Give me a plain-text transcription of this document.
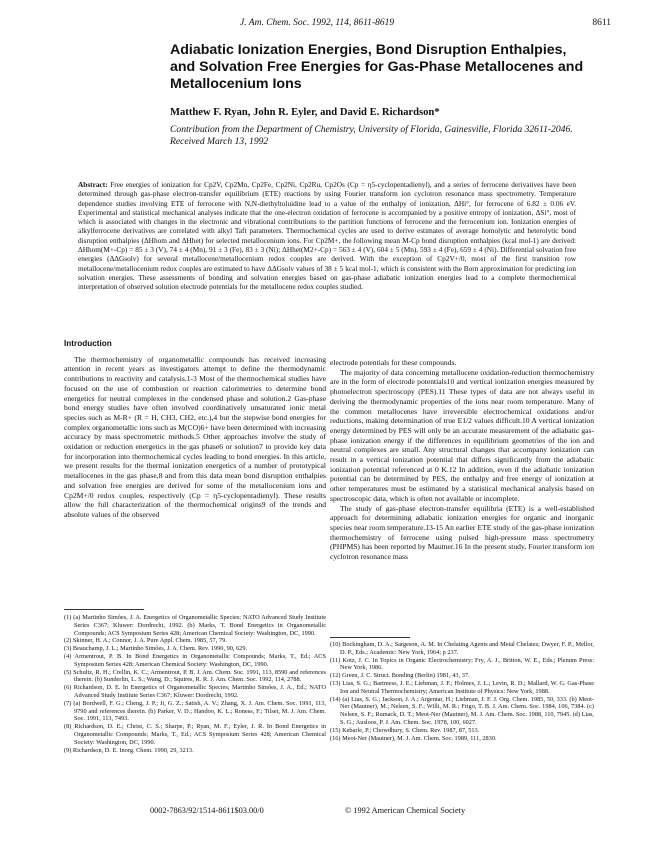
J. Am. Chem. Soc. 1992, 114, 8611-8619	8611
Adiabatic Ionization Energies, Bond Disruption Enthalpies, and Solvation Free Energies for Gas-Phase Metallocenes and Metallocenium Ions
Matthew F. Ryan, John R. Eyler, and David E. Richardson*
Contribution from the Department of Chemistry, University of Florida, Gainesville, Florida 32611-2046. Received March 13, 1992
Abstract: Free energies of ionization for Cp2V, Cp2Mn, Cp2Fe, Cp2Ni, Cp2Ru, Cp2Os (Cp = η5-cyclopentadienyl), and a series of ferrocene derivatives have been determined through gas-phase electron-transfer equilibrium (ETE) reactions by using Fourier transform ion cyclotron resonance mass spectrometry. Temperature dependence studies involving ETE of ferrocene with N,N-diethyltoluidine lead to a value of the enthalpy of ionization, ΔHi°, for ferrocene of 6.82 ± 0.06 eV. Experimental and statistical mechanical analyses indicate that the one-electron oxidation of ferrocene is accompanied by a positive entropy of ionization, ΔSi°, most of which is associated with changes in the electronic and vibrational contributions to the partition functions of ferrocene and the ferrocenium ion. Ionization energies of alkylferrocene derivatives are correlated with alkyl Taft parameters. Thermochemical cycles are used to derive estimates of average homolytic and heterolytic bond disruption enthalpies (ΔHhom and ΔHhet) for selected metallocenium ions. For Cp2M+, the following mean M-Cp bond disruption enthalpies (kcal mol-1) are derived: ΔHhom(M+-Cp) = 85 ± 3 (V), 74 ± 4 (Mn), 91 ± 3 (Fe), 83 ± 3 (Ni); ΔHhet(M2+-Cp) = 563 ± 4 (V), 604 ± 5 (Mn), 593 ± 4 (Fe), 659 ± 4 (Ni). Differential solvation free energies (ΔΔGsolv) for several metallocene/metallocenium redox couples are derived. With the exception of Cp2V+/0, most of the first transition row metallocene/metallocenium redox couples are estimated to have ΔΔGsolv values of 38 ± 5 kcal mol-1, which is consistent with the Born approximation for predicting ion solvation energies. These assessments of bonding and solvation energies based on gas-phase adiabatic ionization energies lead to a complete thermochemical interpretation of observed solution electrode potentials for the metallocene redox couples studied.
Introduction

The thermochemistry of organometallic compounds has received increasing attention in recent years as investigators attempt to define the thermodynamic contributions to reactivity and catalysis.1-3 Most of the thermochemical studies have focused on the use of combustion or reaction calorimetries to determine bond energetics for neutral complexes in the condensed phase and solution.2 Gas-phase bond energy studies have often involved coordinatively unsaturated ionic metal species such as M-R+ (R = H, CH3, CH2, etc.),4 but the stepwise bond energies for complex organometallic ions such as M(CO)6+ have been determined with increasing accuracy by mass spectrometric methods.5 Other approaches involve the study of oxidation or reduction energetics in the gas phase6 or solution7 to provide key data for incorporation into thermochemical cycles leading to bond energies. In this article, we present results for the thermal ionization energetics of a number of prototypical metallocenes in the gas phase,8 and from this data mean bond disruption enthalpies and solvation free energies are derived for some of the metallocenium ions and Cp2M+/0 redox couples, respectively (Cp = η5-cyclopentadienyl). These results allow the full characterization of the thermochemical origins9 of the trends and absolute values of the observed

electrode potentials for these compounds.

The majority of data concerning metallocene oxidation-reduction thermochemistry are in the form of electrode potentials10 and vertical ionization energies measured by photoelectron spectroscopy (PES).11 These types of data are not always useful in deriving the thermodynamic properties of the ions near room temperature. Many of the common metallocenes have irreversible electrochemical oxidations and/or reductions, making determination of true E1/2 values difficult.10 A vertical ionization energy determined by PES will only be an accurate measurement of the adiabatic gas-phase ionization energy if the differences in equilibrium geometries of the ion and neutral complexes are small. Any structural changes that accompany ionization can result in a vertical ionization potential that differs significantly from the adiabatic ionization potential referenced at 0 K.12 In addition, even if the adiabatic ionization potential can be determined by PES, the enthalpy and free energy of ionization at other temperatures must be estimated by a statistical mechanical analysis based on spectroscopic data, which is often not available or incomplete.

The study of gas-phase electron-transfer equilibria (ETE) is a well-established approach for determining adiabatic ionization energies for organic and inorganic species near room temperature.13-15 An earlier ETE study of the gas-phase ionization thermochemistry of ferrocene using pulsed high-pressure mass spectrometry (PHPMS) has been reported by Mautner.16 In the present study, Fourier transform ion cyclotron resonance mass

(1) (a) Martinho Simões, J. A. Energetics of Organometallic Species; NATO Advanced Study Institute Series C367; Kluwer: Dordrecht, 1992. (b) Marks, T. Bond Energetics in Organometallic Compounds; ACS Symposium Series 428; American Chemical Society: Washington, DC, 1990.
(2) Skinner, H. A.; Connor, J. A. Pure Appl. Chem. 1985, 57, 79.
(3) Beauchamp, J. L.; Martinho Simões, J. A. Chem. Rev. 1990, 90, 629.
(4) Armentrout, P. B. In Bond Energetics in Organometallic Compounds; Marks, T., Ed.; ACS Symposium Series 428; American Chemical Society: Washington, DC, 1990.
(5) Schultz, R. H.; Crellin, K. C.; Armentrout, P. B. J. Am. Chem. Soc. 1991, 113, 8590 and references therein. (b) Sunderlin, L. S.; Wang, D.; Squires, R. R. J. Am. Chem. Soc. 1992, 114, 2788.
(6) Richardson, D. E. In Energetics of Organometallic Species; Martinho Simões, J. A., Ed.; NATO Advanced Study Institute Series C367; Kluwer: Dordrecht, 1992.
(7) (a) Bordwell, F. G.; Cheng, J. P.; Ji, G. Z.; Satish, A. V.; Zhang, X. J. Am. Chem. Soc. 1991, 113, 9790 and references therein. (b) Parker, V. D.; Handoo, K. L.; Roness, F.; Tilset, M. J. Am. Chem. Soc. 1991, 113, 7493.
(8) Richardson, D. E.; Christ, C. S.; Sharpe, P.; Ryan, M. F.; Eyler, J. R. In Bond Energetics in Organometallic Compounds; Marks, T., Ed.; ACS Symposium Series 428; American Chemical Society: Washington, DC, 1990.
(9) Richardson, D. E. Inorg. Chem. 1990, 29, 3213.
(10) Bockingham, D. A.; Sargeson, A. M. In Chelating Agents and Metal Chelates; Dwyer, F. P., Mellor, D. P., Eds.; Academic: New York, 1964; p 237.
(11) Kotz, J. C. In Topics in Organic Electrochemistry; Fry, A. J., Britton, W. E., Eds.; Plenum Press: New York, 1986.
(12) Green, J. C. Struct. Bonding (Berlin) 1981, 43, 37.
(13) Lias, S. G.; Bartmess, J. E.; Liebman, J. F.; Holmes, J. L.; Levin, R. D.; Mallard, W. G. Gas-Phase Ion and Neutral Thermochemistry; American Institute of Physics: New York, 1988.
(14) (a) Lias, S. G.; Jackson, J. A.; Argentar, H.; Liebman, J. F. J. Org. Chem. 1985, 50, 333. (b) Meot-Ner (Mautner), M.; Nelsen, S. F.; Willi, M. R.; Frigo, T. B. J. Am. Chem. Soc. 1984, 106, 7384. (c) Nelsen, S. F.; Rumack, D. T.; Meot-Ner (Mautner), M. J. Am. Chem. Soc. 1988, 110, 7945. (d) Lias, S. G.; Ausloos, P. J. Am. Chem. Soc. 1978, 100, 6027.
(15) Kebarle, P.; Chowdhury, S. Chem. Rev. 1987, 87, 513.
(16) Meot-Ner (Mautner), M. J. Am. Chem. Soc. 1989, 111, 2830.
0002-7863/92/1514-8611$03.00/0	© 1992 American Chemical Society
